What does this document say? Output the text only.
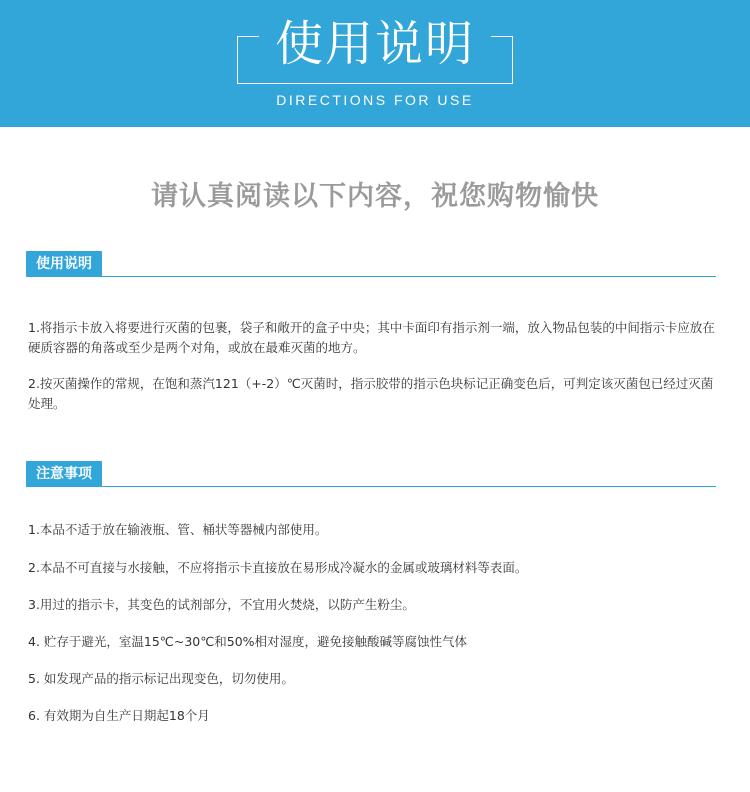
使用说明
DIRECTIONS FOR USE
请认真阅读以下内容，祝您购物愉快
使用说明

1.将指示卡放入将要进行灭菌的包裹，袋子和敞开的盒子中央；其中卡面印有指示剂一端，放入物品包装的中间指示卡应放在硬质容器的角落或至少是两个对角，或放在最难灭菌的地方。

2.按灭菌操作的常规，在饱和蒸汽121（+-2）℃灭菌时，指示胶带的指示色块标记正确变色后，可判定该灭菌包已经过灭菌处理。

注意事项

1.本品不适于放在输液瓶、管、桶状等器械内部使用。

2.本品不可直接与水接触，不应将指示卡直接放在易形成冷凝水的金属或玻璃材料等表面。

3.用过的指示卡，其变色的试剂部分，不宜用火焚烧，以防产生粉尘。

4. 贮存于避光，室温15℃~30℃和50%相对湿度，避免接触酸碱等腐蚀性气体

5. 如发现产品的指示标记出现变色，切勿使用。

6. 有效期为自生产日期起18个月
